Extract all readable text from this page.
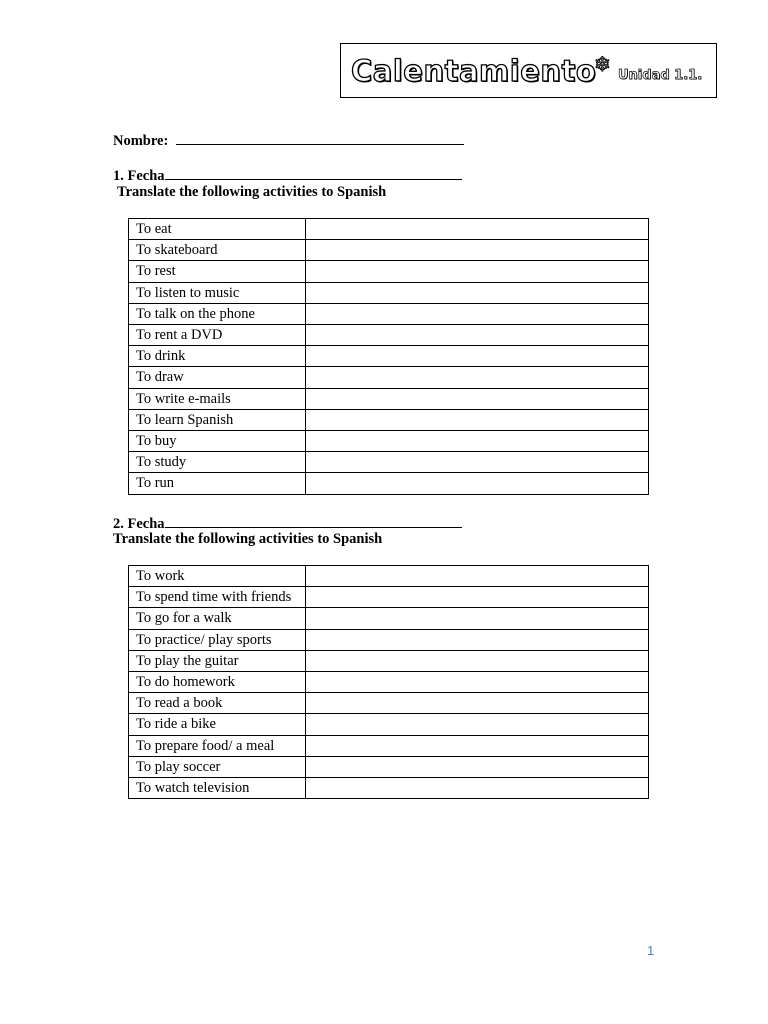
Calentamiento
❄ Unidad 1.1.
Nombre:
1. Fecha
Translate the following activities to Spanish
To eat	
To skateboard	
To rest	
To listen to music	
To talk on the phone	
To rent a DVD	
To drink	
To draw	
To write e-mails	
To learn Spanish	
To buy	
To study	
To run	
2. Fecha
Translate the following activities to Spanish
To work	
To spend time with friends	
To go for a walk	
To practice/ play sports	
To play the guitar	
To do homework	
To read a book	
To ride a bike	
To prepare food/ a meal	
To play soccer	
To watch television	
1
